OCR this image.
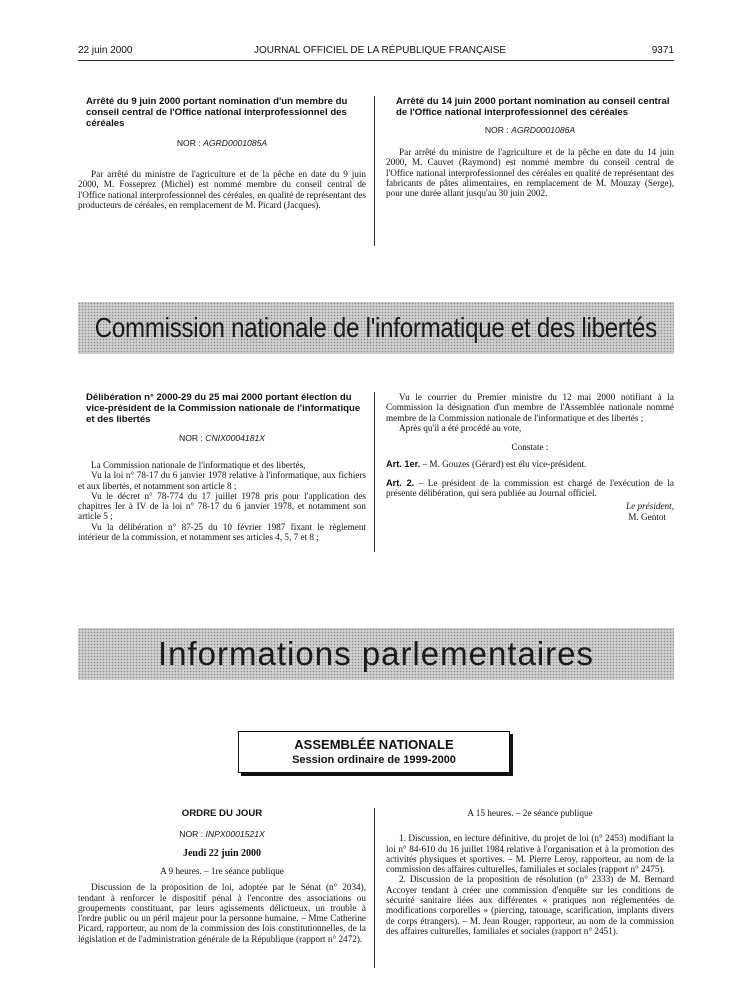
22 juin 2000	JOURNAL OFFICIEL DE LA RÉPUBLIQUE FRANÇAISE	9371
Arrêté du 9 juin 2000 portant nomination d'un membre du conseil central de l'Office national interprofessionnel des céréales
NOR : AGRD0001085A

Par arrêté du ministre de l'agriculture et de la pêche en date du 9 juin 2000, M. Fosseprez (Michel) est nommé membre du conseil central de l'Office national interprofessionnel des céréales, en qualité de représentant des producteurs de céréales, en remplacement de M. Picard (Jacques).

Arrêté du 14 juin 2000 portant nomination au conseil central de l'Office national interprofessionnel des céréales
NOR : AGRD0001086A

Par arrêté du ministre de l'agriculture et de la pêche en date du 14 juin 2000, M. Cauvet (Raymond) est nommé membre du conseil central de l'Office national interprofessionnel des céréales en qualité de représentant des fabricants de pâtes alimentaires, en remplacement de M. Mouzay (Serge), pour une durée allant jusqu'au 30 juin 2002.

Commission nationale de l'informatique et des libertés
Délibération n° 2000-29 du 25 mai 2000 portant élection du vice-président de la Commission nationale de l'informatique et des libertés
NOR : CNIX0004181X

La Commission nationale de l'informatique et des libertés,

Vu la loi n° 78-17 du 6 janvier 1978 relative à l'informatique, aux fichiers et aux libertés, et notamment son article 8 ;

Vu le décret n° 78-774 du 17 juillet 1978 pris pour l'application des chapitres Ier à IV de la loi n° 78-17 du 6 janvier 1978, et notamment son article 5 ;

Vu la délibération n° 87-25 du 10 février 1987 fixant le règlement intérieur de la commission, et notamment ses articles 4, 5, 7 et 8 ;

Vu le courrier du Premier ministre du 12 mai 2000 notifiant à la Commission la désignation d'un membre de l'Assemblée nationale nommé membre de la Commission nationale de l'informatique et des libertés ;

Après qu'il a été procédé au vote,

Constate :

Art. 1er. – M. Gouzes (Gérard) est élu vice-président.

Art. 2. – Le président de la commission est chargé de l'exécution de la présente délibération, qui sera publiée au Journal officiel.

Le président,

M. Gentot

Informations parlementaires
ASSEMBLÉE NATIONALE
Session ordinaire de 1999-2000
ORDRE DU JOUR
NOR : INPX0001521X
Jeudi 22 juin 2000
A 9 heures. – 1re séance publique

Discussion de la proposition de loi, adoptée par le Sénat (n° 2034), tendant à renforcer le dispositif pénal à l'encontre des associations ou groupements constituant, par leurs agissements délictueux, un trouble à l'ordre public ou un péril majeur pour la personne humaine. – Mme Catherine Picard, rapporteur, au nom de la commission des lois constitutionnelles, de la législation et de l'administration générale de la République (rapport n° 2472).

A 15 heures. – 2e séance publique

1. Discussion, en lecture définitive, du projet de loi (n° 2453) modifiant la loi n° 84-610 du 16 juillet 1984 relative à l'organisation et à la promotion des activités physiques et sportives. – M. Pierre Leroy, rapporteur, au nom de la commission des affaires culturelles, familiales et sociales (rapport n° 2475).

2. Discussion de la proposition de résolution (n° 2333) de M. Bernard Accoyer tendant à créer une commission d'enquête sur les conditions de sécurité sanitaire liées aux différentes « pratiques non réglementées de modifications corporelles » (piercing, tatouage, scarification, implants divers de corps étrangers). – M. Jean Rouger, rapporteur, au nom de la commission des affaires culturelles, familiales et sociales (rapport n° 2451).
